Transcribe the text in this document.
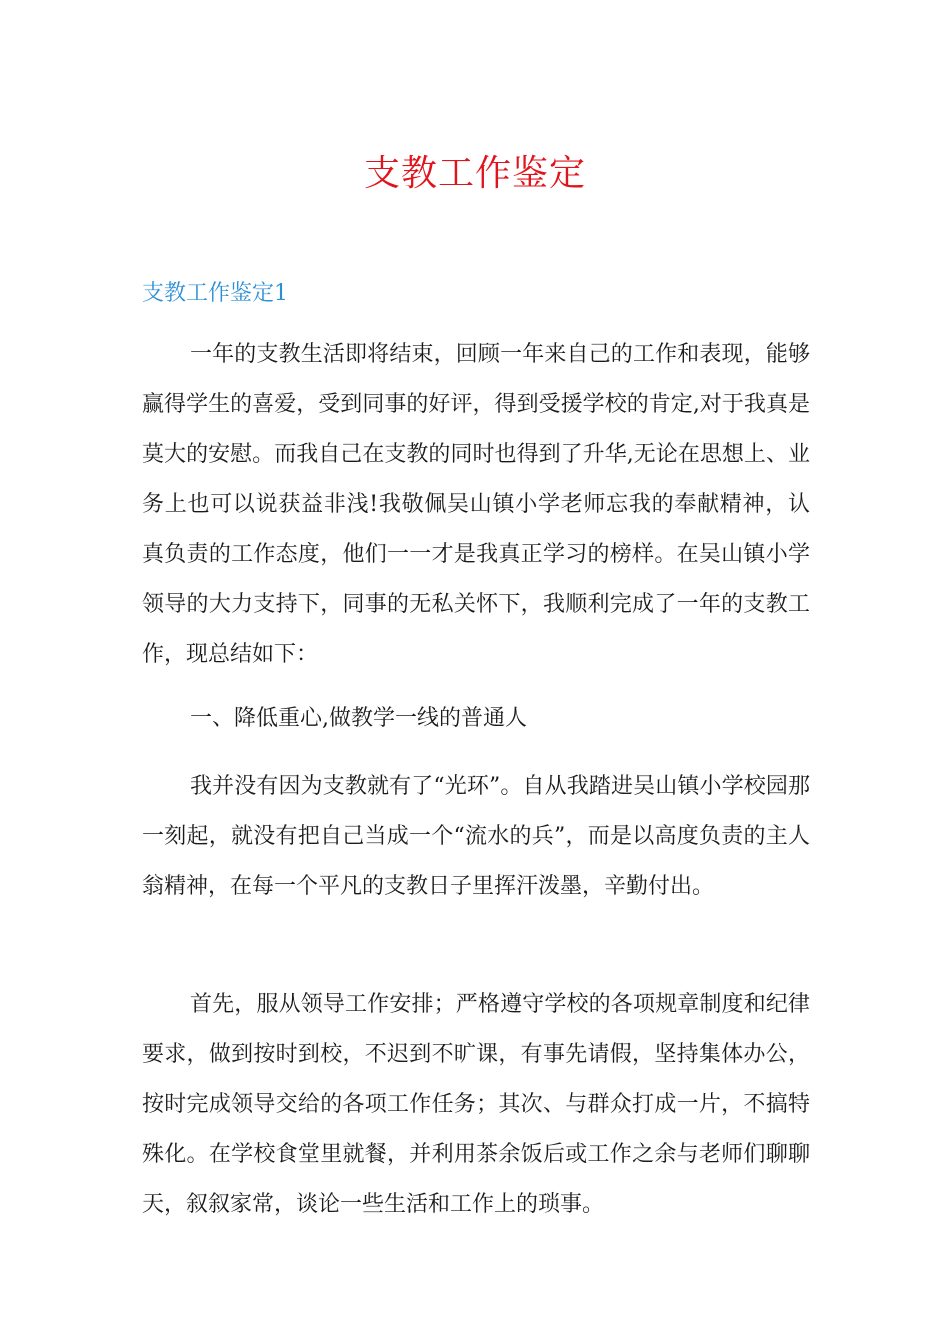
支教工作鉴定
支教工作鉴定1

一年的支教生活即将结束，回顾一年来自己的工作和表现，能够赢得学生的喜爱，受到同事的好评，得到受援学校的肯定,对于我真是莫大的安慰。而我自己在支教的同时也得到了升华,无论在思想上、业务上也可以说获益非浅!我敬佩吴山镇小学老师忘我的奉献精神，认真负责的工作态度，他们一一才是我真正学习的榜样。在吴山镇小学领导的大力支持下，同事的无私关怀下，我顺利完成了一年的支教工作，现总结如下：

一、降低重心,做教学一线的普通人

我并没有因为支教就有了“光环”。自从我踏进吴山镇小学校园那一刻起，就没有把自己当成一个“流水的兵”，而是以高度负责的主人翁精神，在每一个平凡的支教日子里挥汗泼墨，辛勤付出。

首先，服从领导工作安排；严格遵守学校的各项规章制度和纪律要求，做到按时到校，不迟到不旷课，有事先请假，坚持集体办公，按时完成领导交给的各项工作任务；其次、与群众打成一片，不搞特殊化。在学校食堂里就餐，并利用茶余饭后或工作之余与老师们聊聊天，叙叙家常，谈论一些生活和工作上的琐事。
